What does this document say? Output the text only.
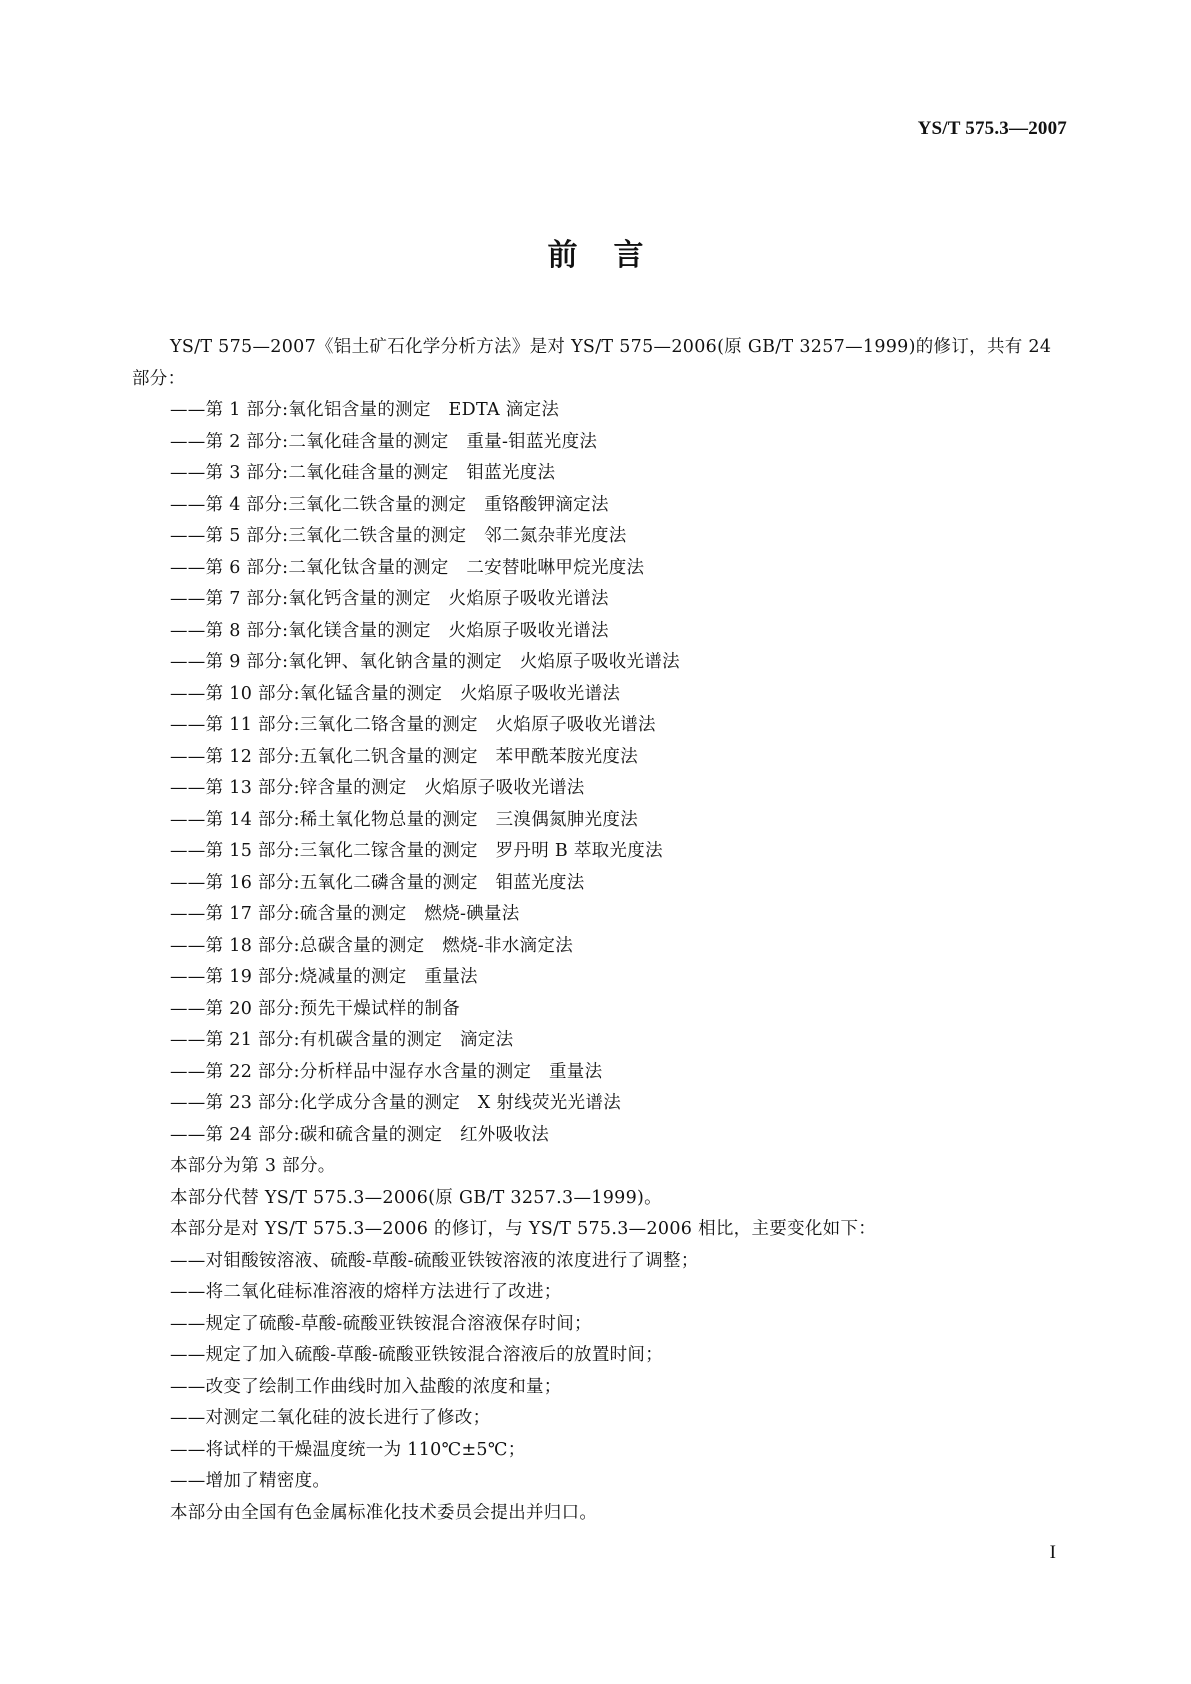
YS/T 575.3—2007
前言
YS/T 575—2007《铝土矿石化学分析方法》是对 YS/T 575—2006(原 GB/T 3257—1999)的修订，共有 24 部分：
——第 1 部分:氧化铝含量的测定　EDTA 滴定法
——第 2 部分:二氧化硅含量的测定　重量-钼蓝光度法
——第 3 部分:二氧化硅含量的测定　钼蓝光度法
——第 4 部分:三氧化二铁含量的测定　重铬酸钾滴定法
——第 5 部分:三氧化二铁含量的测定　邻二氮杂菲光度法
——第 6 部分:二氧化钛含量的测定　二安替吡啉甲烷光度法
——第 7 部分:氧化钙含量的测定　火焰原子吸收光谱法
——第 8 部分:氧化镁含量的测定　火焰原子吸收光谱法
——第 9 部分:氧化钾、氧化钠含量的测定　火焰原子吸收光谱法
——第 10 部分:氧化锰含量的测定　火焰原子吸收光谱法
——第 11 部分:三氧化二铬含量的测定　火焰原子吸收光谱法
——第 12 部分:五氧化二钒含量的测定　苯甲酰苯胺光度法
——第 13 部分:锌含量的测定　火焰原子吸收光谱法
——第 14 部分:稀土氧化物总量的测定　三溴偶氮胂光度法
——第 15 部分:三氧化二镓含量的测定　罗丹明 B 萃取光度法
——第 16 部分:五氧化二磷含量的测定　钼蓝光度法
——第 17 部分:硫含量的测定　燃烧-碘量法
——第 18 部分:总碳含量的测定　燃烧-非水滴定法
——第 19 部分:烧减量的测定　重量法
——第 20 部分:预先干燥试样的制备
——第 21 部分:有机碳含量的测定　滴定法
——第 22 部分:分析样品中湿存水含量的测定　重量法
——第 23 部分:化学成分含量的测定　X 射线荧光光谱法
——第 24 部分:碳和硫含量的测定　红外吸收法
本部分为第 3 部分。
本部分代替 YS/T 575.3—2006(原 GB/T 3257.3—1999)。
本部分是对 YS/T 575.3—2006 的修订，与 YS/T 575.3—2006 相比，主要变化如下：
——对钼酸铵溶液、硫酸-草酸-硫酸亚铁铵溶液的浓度进行了调整；
——将二氧化硅标准溶液的熔样方法进行了改进；
——规定了硫酸-草酸-硫酸亚铁铵混合溶液保存时间；
——规定了加入硫酸-草酸-硫酸亚铁铵混合溶液后的放置时间；
——改变了绘制工作曲线时加入盐酸的浓度和量；
——对测定二氧化硅的波长进行了修改；
——将试样的干燥温度统一为 110℃±5℃；
——增加了精密度。
本部分由全国有色金属标准化技术委员会提出并归口。
I
